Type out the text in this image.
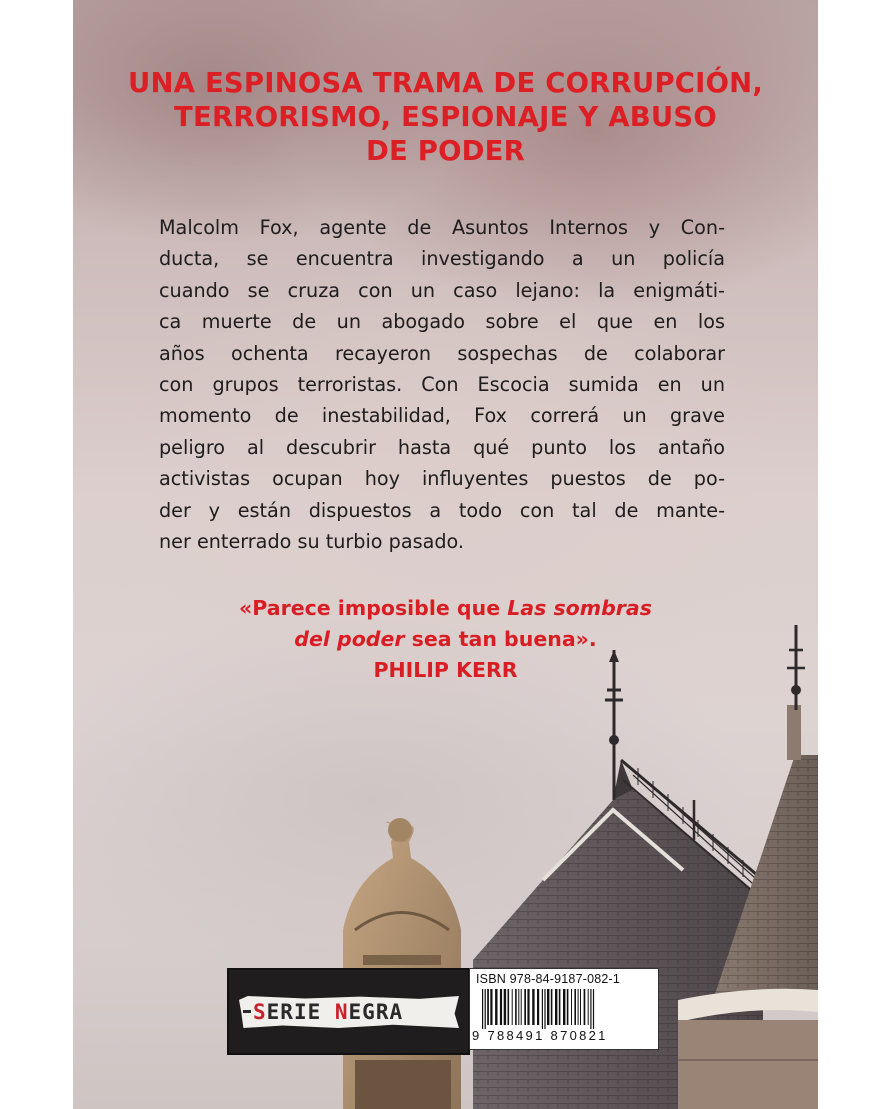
UNA ESPINOSA TRAMA DE CORRUPCIÓN,
TERRORISMO, ESPIONAJE Y ABUSO
DE PODER
Malcolm Fox, agente de Asuntos Internos y Con-
ducta, se encuentra investigando a un policía
cuando se cruza con un caso lejano: la enigmáti-
ca muerte de un abogado sobre el que en los
años ochenta recayeron sospechas de colaborar
con grupos terroristas. Con Escocia sumida en un
momento de inestabilidad, Fox correrá un grave
peligro al descubrir hasta qué punto los antaño
activistas ocupan hoy influyentes puestos de po-
der y están dispuestos a todo con tal de mante-
ner enterrado su turbio pasado.
«Parece imposible que Las sombras
del poder sea tan buena».
PHILIP KERR
SERIE NEGRA
ISBN 978-84-9187-082-1
9 788491 870821
